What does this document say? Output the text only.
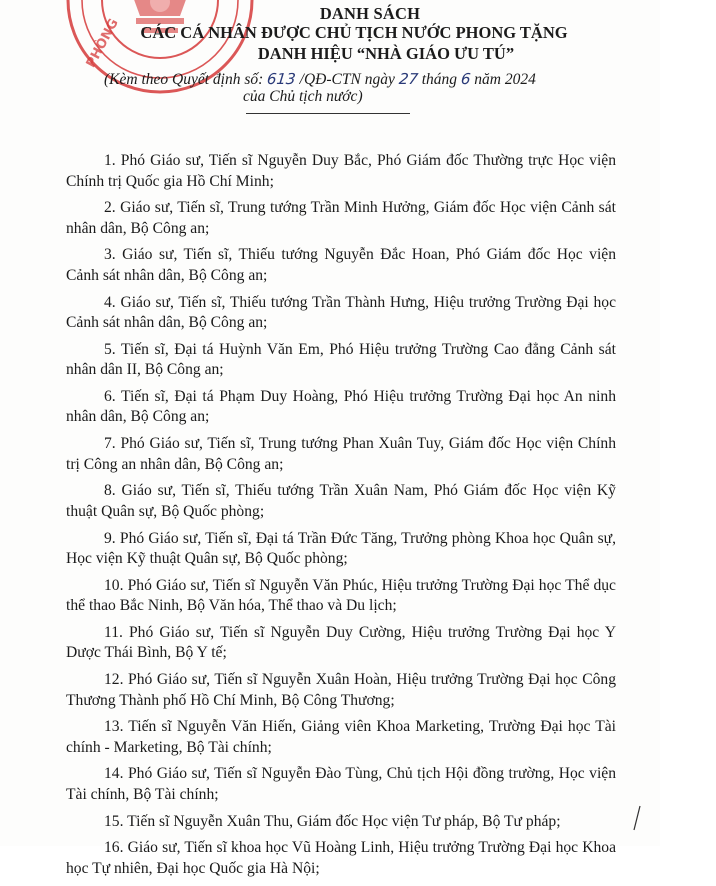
PHÒNG
DANH SÁCH
CÁC CÁ NHÂN ĐƯỢC CHỦ TỊCH NƯỚC PHONG TẶNG
DANH HIỆU “NHÀ GIÁO ƯU TÚ”
(Kèm theo Quyết định số: 613 /QĐ-CTN ngày 27 tháng 6 năm 2024
của Chủ tịch nước)
1. Phó Giáo sư, Tiến sĩ Nguyễn Duy Bắc, Phó Giám đốc Thường trực Học viện Chính trị Quốc gia Hồ Chí Minh;
2. Giáo sư, Tiến sĩ, Trung tướng Trần Minh Hưởng, Giám đốc Học viện Cảnh sát nhân dân, Bộ Công an;
3. Giáo sư, Tiến sĩ, Thiếu tướng Nguyễn Đắc Hoan, Phó Giám đốc Học viện Cảnh sát nhân dân, Bộ Công an;
4. Giáo sư, Tiến sĩ, Thiếu tướng Trần Thành Hưng, Hiệu trưởng Trường Đại học Cảnh sát nhân dân, Bộ Công an;
5. Tiến sĩ, Đại tá Huỳnh Văn Em, Phó Hiệu trưởng Trường Cao đẳng Cảnh sát nhân dân II, Bộ Công an;
6. Tiến sĩ, Đại tá Phạm Duy Hoàng, Phó Hiệu trưởng Trường Đại học An ninh nhân dân, Bộ Công an;
7. Phó Giáo sư, Tiến sĩ, Trung tướng Phan Xuân Tuy, Giám đốc Học viện Chính trị Công an nhân dân, Bộ Công an;
8. Giáo sư, Tiến sĩ, Thiếu tướng Trần Xuân Nam, Phó Giám đốc Học viện Kỹ thuật Quân sự, Bộ Quốc phòng;
9. Phó Giáo sư, Tiến sĩ, Đại tá Trần Đức Tăng, Trưởng phòng Khoa học Quân sự, Học viện Kỹ thuật Quân sự, Bộ Quốc phòng;
10. Phó Giáo sư, Tiến sĩ Nguyễn Văn Phúc, Hiệu trưởng Trường Đại học Thể dục thể thao Bắc Ninh, Bộ Văn hóa, Thể thao và Du lịch;
11. Phó Giáo sư, Tiến sĩ Nguyễn Duy Cường, Hiệu trưởng Trường Đại học Y Dược Thái Bình, Bộ Y tế;
12. Phó Giáo sư, Tiến sĩ Nguyễn Xuân Hoàn, Hiệu trưởng Trường Đại học Công Thương Thành phố Hồ Chí Minh, Bộ Công Thương;
13. Tiến sĩ Nguyễn Văn Hiến, Giảng viên Khoa Marketing, Trường Đại học Tài chính - Marketing, Bộ Tài chính;
14. Phó Giáo sư, Tiến sĩ Nguyễn Đào Tùng, Chủ tịch Hội đồng trường, Học viện Tài chính, Bộ Tài chính;
15. Tiến sĩ Nguyễn Xuân Thu, Giám đốc Học viện Tư pháp, Bộ Tư pháp;
16. Giáo sư, Tiến sĩ khoa học Vũ Hoàng Linh, Hiệu trưởng Trường Đại học Khoa học Tự nhiên, Đại học Quốc gia Hà Nội;
